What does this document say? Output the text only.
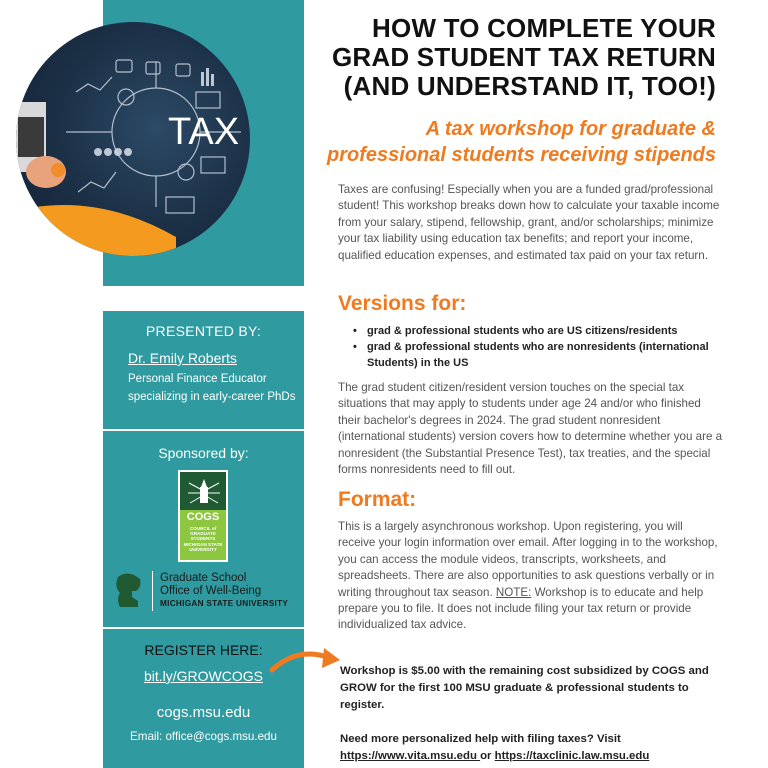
TAX
HOW TO COMPLETE YOUR
GRAD STUDENT TAX RETURN
(AND UNDERSTAND IT, TOO!)
A tax workshop for graduate &
professional students receiving stipends

Taxes are confusing! Especially when you are a funded grad/professional student! This workshop breaks down how to calculate your taxable income from your salary, stipend, fellowship, grant, and/or scholarships; minimize your tax liability using education tax benefits; and report your income, qualified education expenses, and estimated tax paid on your tax return.

Versions for:
• grad & professional students who are US citizens/residents
• grad & professional students who are nonresidents (international Students) in the US

The grad student citizen/resident version touches on the special tax situations that may apply to students under age 24 and/or who finished their bachelor's degrees in 2024. The grad student nonresident (international students) version covers how to determine whether you are a nonresident (the Substantial Presence Test), tax treaties, and the special forms nonresidents need to fill out.

Format:

This is a largely asynchronous workshop. Upon registering, you will receive your login information over email. After logging in to the workshop, you can access the module videos, transcripts, worksheets, and spreadsheets. There are also opportunities to ask questions verbally or in writing throughout tax season. NOTE: Workshop is to educate and help prepare you to file. It does not include filing your tax return or provide individualized tax advice.

Workshop is $5.00 with the remaining cost subsidized by COGS and GROW for the first 100 MSU graduate & professional students to register.

Need more personalized help with filing taxes? Visit
https://www.vita.msu.edu or https://taxclinic.law.msu.edu

PRESENTED BY:
Dr. Emily Roberts
Personal Finance Educator specializing in early-career PhDs
Sponsored by:
COGS
COUNCIL of GRADUATE STUDENTS MICHIGAN STATE UNIVERSITY
Graduate School
Office of Well-Being
MICHIGAN STATE UNIVERSITY
REGISTER HERE:
bit.ly/GROWCOGS
cogs.msu.edu
Email: office@cogs.msu.edu
